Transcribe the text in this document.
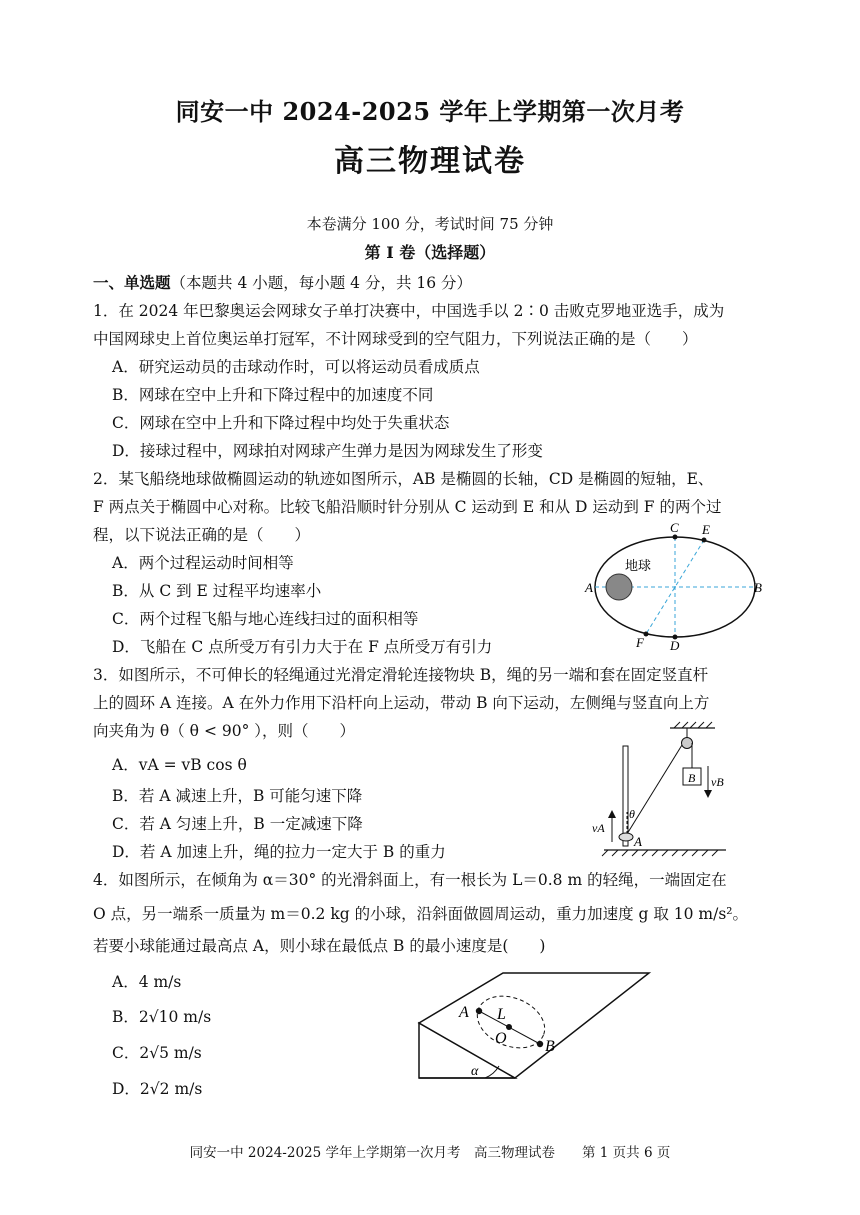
同安一中 2024-2025 学年上学期第一次月考
高三物理试卷
本卷满分 100 分，考试时间 75 分钟
第 I 卷（选择题）
一、单选题（本题共 4 小题，每小题 4 分，共 16 分）
1．在 2024 年巴黎奥运会网球女子单打决赛中，中国选手以 2∶0 击败克罗地亚选手，成为
中国网球史上首位奥运单打冠军，不计网球受到的空气阻力，下列说法正确的是（　　）
A．研究运动员的击球动作时，可以将运动员看成质点
B．网球在空中上升和下降过程中的加速度不同
C．网球在空中上升和下降过程中均处于失重状态
D．接球过程中，网球拍对网球产生弹力是因为网球发生了形变
2．某飞船绕地球做椭圆运动的轨迹如图所示，AB 是椭圆的长轴，CD 是椭圆的短轴，E、
F 两点关于椭圆中心对称。比较飞船沿顺时针分别从 C 运动到 E 和从 D 运动到 F 的两个过
程，以下说法正确的是（　　）
A．两个过程运动时间相等
B．从 C 到 E 过程平均速率小
C．两个过程飞船与地心连线扫过的面积相等
D．飞船在 C 点所受万有引力大于在 F 点所受万有引力
地球
A	B
C
D
E
F
3．如图所示，不可伸长的轻绳通过光滑定滑轮连接物块 B，绳的另一端和套在固定竖直杆
上的圆环 A 连接。A 在外力作用下沿杆向上运动，带动 B 向下运动，左侧绳与竖直向上方
向夹角为 θ（ θ < 90° ），则（　　）
A．vA = vB cos θ
B．若 A 减速上升，B 可能匀速下降
C．若 A 匀速上升，B 一定减速下降
D．若 A 加速上升，绳的拉力一定大于 B 的重力
B vB
θ
vA
A
4．如图所示，在倾角为 α＝30° 的光滑斜面上，有一根长为 L＝0.8 m 的轻绳，一端固定在
O 点，另一端系一质量为 m＝0.2 kg 的小球，沿斜面做圆周运动，重力加速度 g 取 10 m/s²。
若要小球能通过最高点 A，则小球在最低点 B 的最小速度是(　　)
A．4 m/s
B．2√10 m/s
C．2√5 m/s
D．2√2 m/s
α
A L
O B
同安一中 2024-2025 学年上学期第一次月考　高三物理试卷　　第 1 页共 6 页
